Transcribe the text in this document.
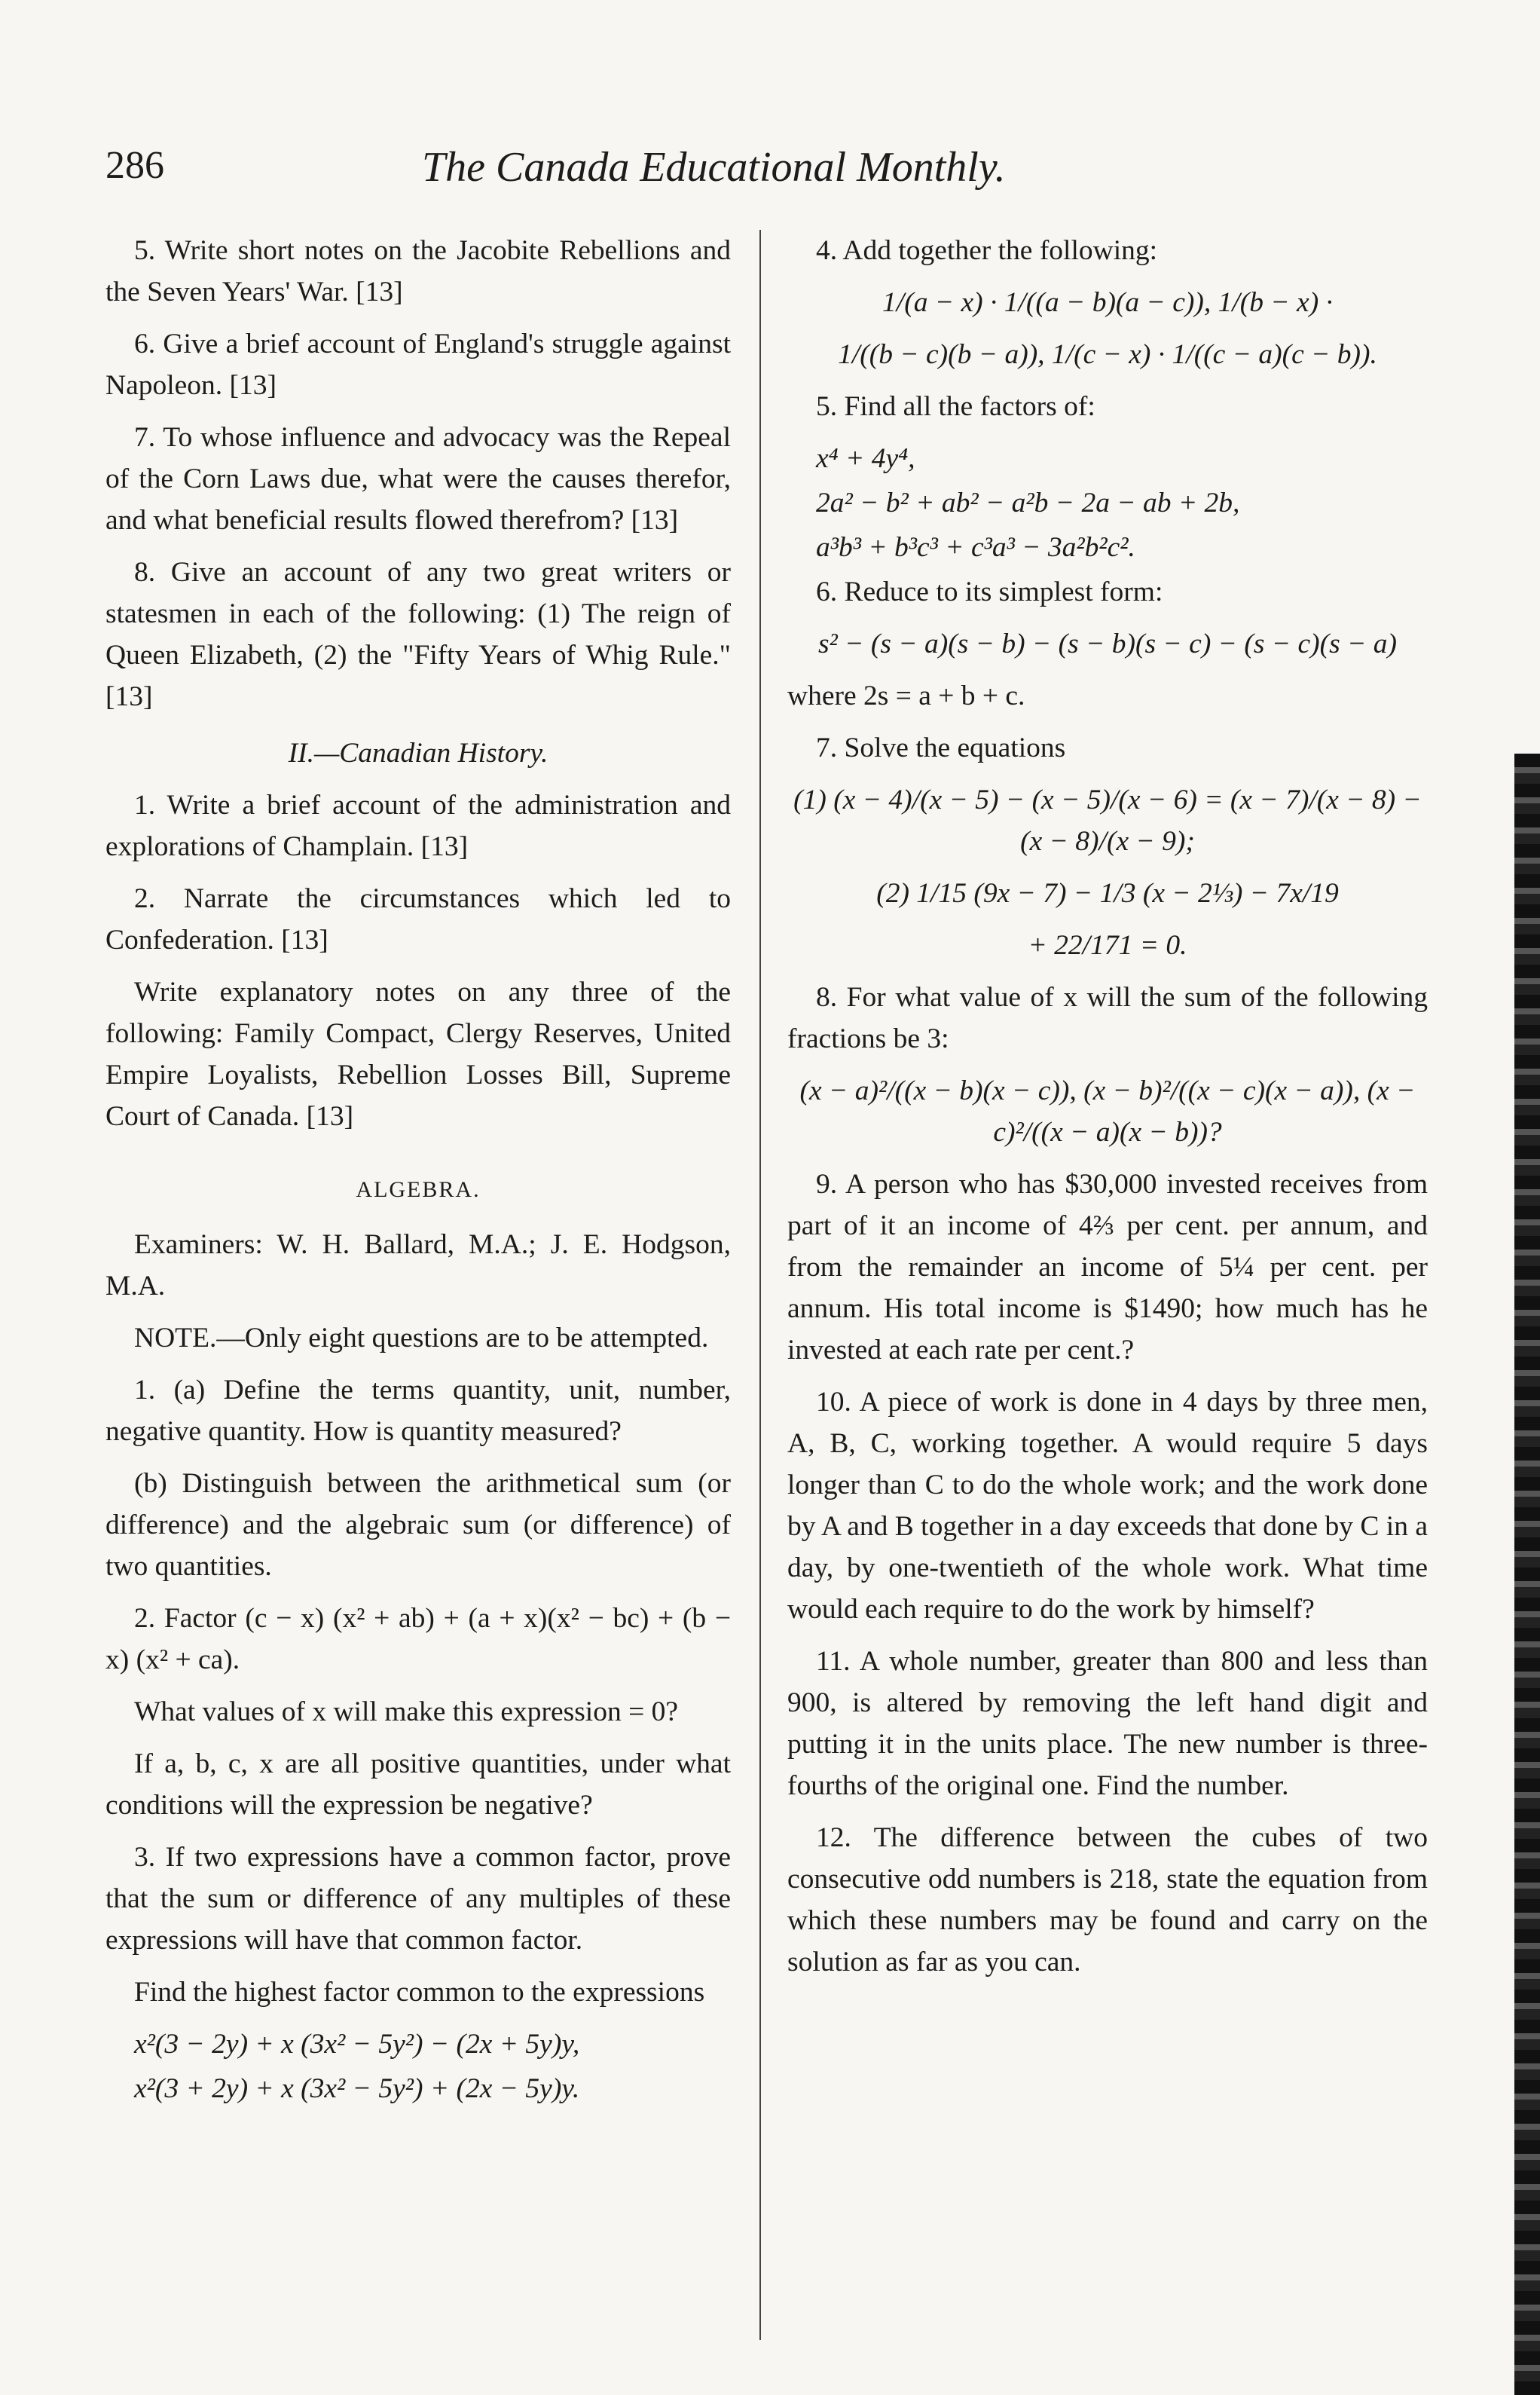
286	The Canada Educational Monthly.

5. Write short notes on the Jacobite Rebellions and the Seven Years' War. [13]

6. Give a brief account of England's struggle against Napoleon. [13]

7. To whose influence and advocacy was the Repeal of the Corn Laws due, what were the causes therefor, and what beneficial results flowed therefrom? [13]

8. Give an account of any two great writers or statesmen in each of the following: (1) The reign of Queen Elizabeth, (2) the "Fifty Years of Whig Rule." [13]

II.—Canadian History.

1. Write a brief account of the administration and explorations of Champlain. [13]

2. Narrate the circumstances which led to Confederation. [13]

Write explanatory notes on any three of the following: Family Compact, Clergy Reserves, United Empire Loyalists, Rebellion Losses Bill, Supreme Court of Canada. [13]

ALGEBRA.

Examiners: W. H. Ballard, M.A.; J. E. Hodgson, M.A.

NOTE.—Only eight questions are to be attempted.

1. (a) Define the terms quantity, unit, number, negative quantity. How is quantity measured?

(b) Distinguish between the arithmetical sum (or difference) and the algebraic sum (or difference) of two quantities.

2. Factor (c − x) (x² + ab) + (a + x)(x² − bc) + (b − x) (x² + ca).

What values of x will make this expression = 0?

If a, b, c, x are all positive quantities, under what conditions will the expression be negative?

3. If two expressions have a common factor, prove that the sum or difference of any multiples of these expressions will have that common factor.

Find the highest factor common to the expressions

x²(3 − 2y) + x (3x² − 5y²) − (2x + 5y)y,

x²(3 + 2y) + x (3x² − 5y²) + (2x − 5y)y.

4. Add together the following:

1/(a − x) · 1/((a − b)(a − c)), 1/(b − x) ·

1/((b − c)(b − a)), 1/(c − x) · 1/((c − a)(c − b)).

5. Find all the factors of:

x⁴ + 4y⁴,

2a² − b² + ab² − a²b − 2a − ab + 2b,

a³b³ + b³c³ + c³a³ − 3a²b²c².

6. Reduce to its simplest form:

s² − (s − a)(s − b) − (s − b)(s − c) − (s − c)(s − a)

where 2s = a + b + c.

7. Solve the equations

(1) (x − 4)/(x − 5) − (x − 5)/(x − 6) = (x − 7)/(x − 8) − (x − 8)/(x − 9);

(2) 1/15 (9x − 7) − 1/3 (x − 2⅓) − 7x/19

+ 22/171 = 0.

8. For what value of x will the sum of the following fractions be 3:

(x − a)²/((x − b)(x − c)), (x − b)²/((x − c)(x − a)), (x − c)²/((x − a)(x − b))?

9. A person who has $30,000 invested receives from part of it an income of 4⅔ per cent. per annum, and from the remainder an income of 5¼ per cent. per annum. His total income is $1490; how much has he invested at each rate per cent.?

10. A piece of work is done in 4 days by three men, A, B, C, working together. A would require 5 days longer than C to do the whole work; and the work done by A and B together in a day exceeds that done by C in a day, by one-twentieth of the whole work. What time would each require to do the work by himself?

11. A whole number, greater than 800 and less than 900, is altered by removing the left hand digit and putting it in the units place. The new number is three-fourths of the original one. Find the number.

12. The difference between the cubes of two consecutive odd numbers is 218, state the equation from which these numbers may be found and carry on the solution as far as you can.
